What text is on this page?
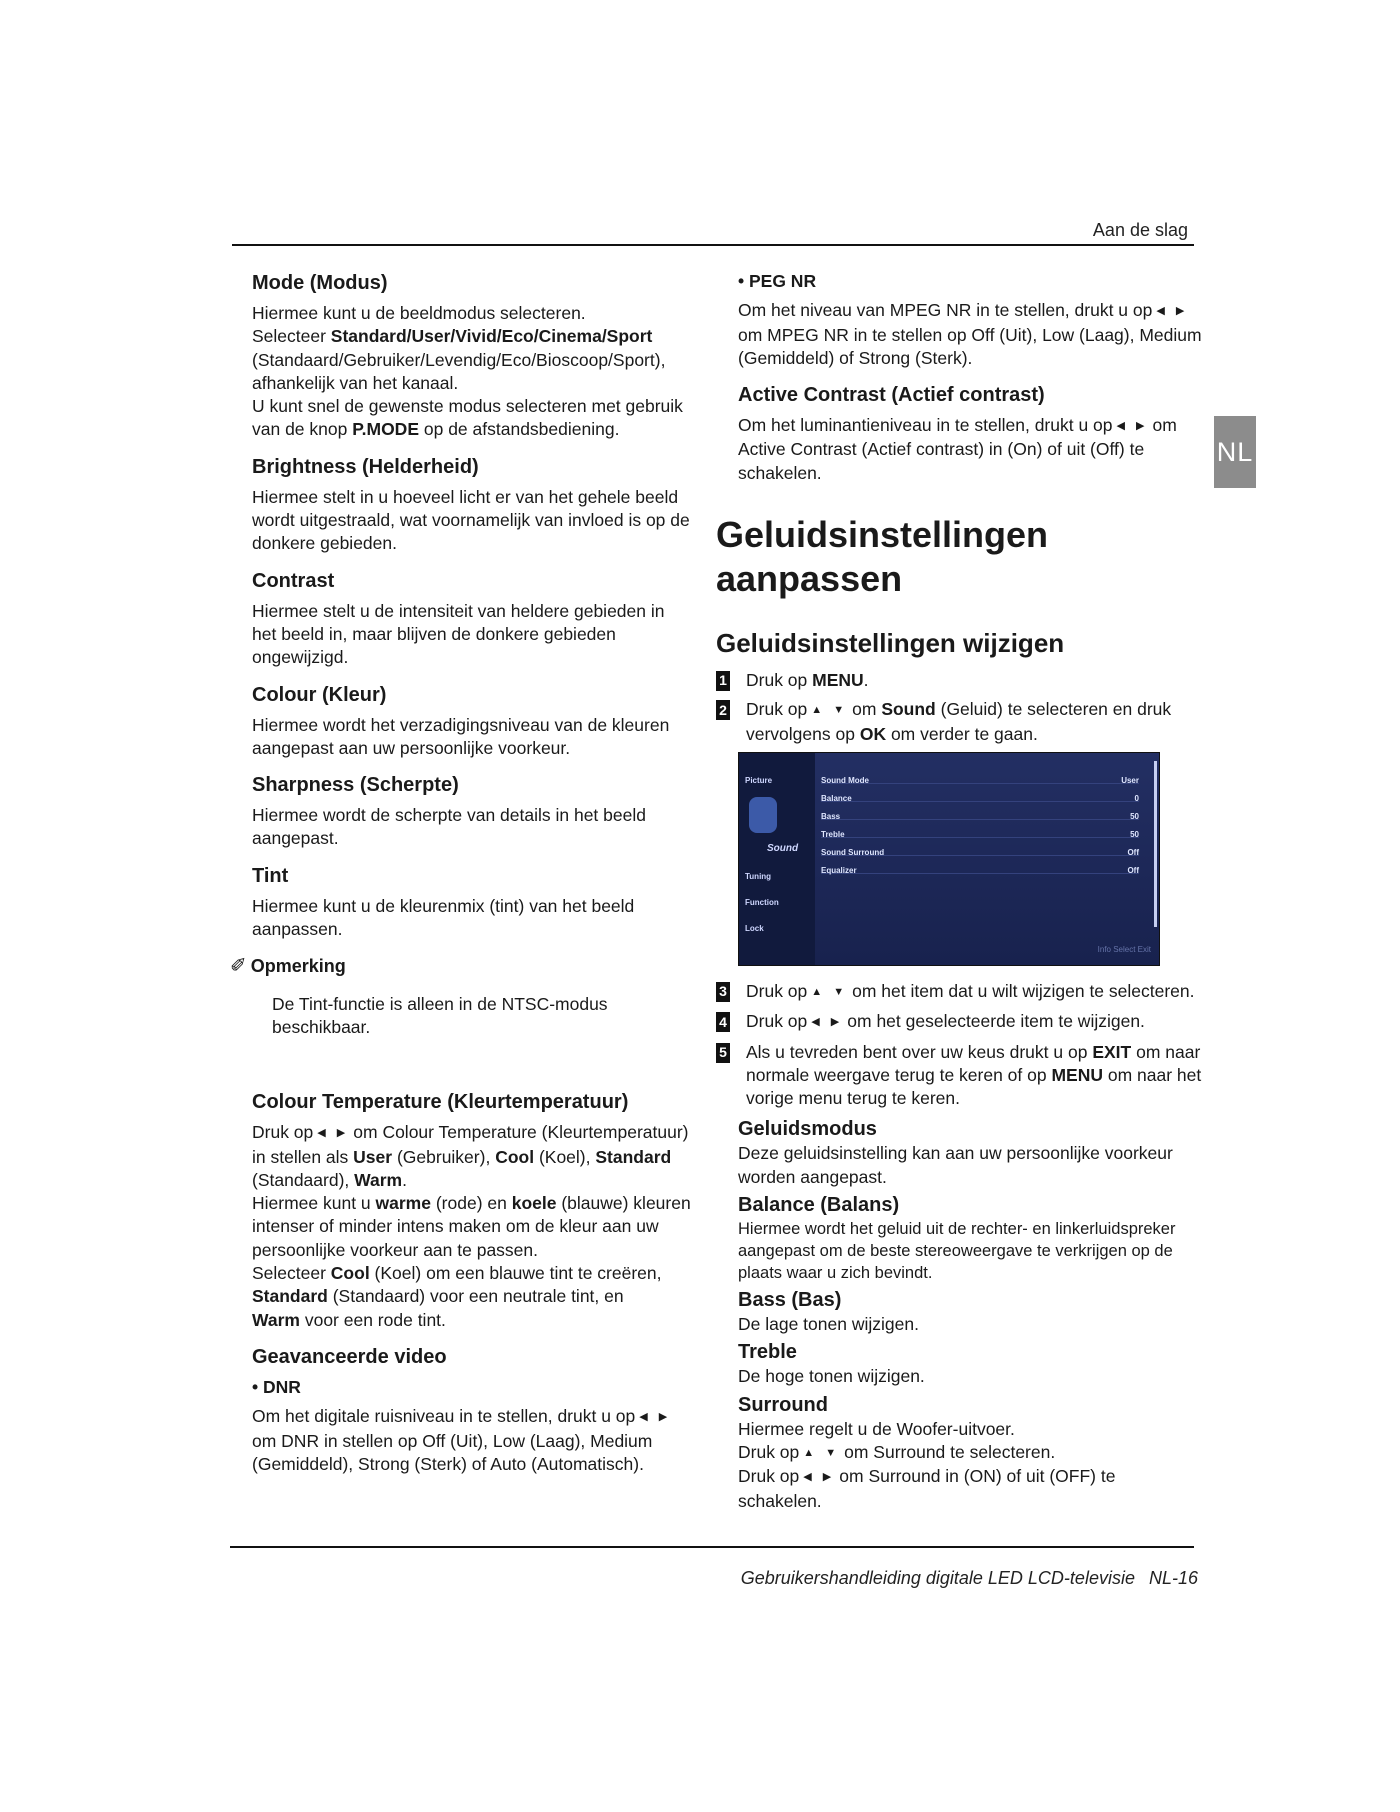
Aan de slag
NL
Mode (Modus)

Hiermee kunt u de beeldmodus selecteren.
Selecteer Standard/User/Vivid/Eco/Cinema/Sport
(Standaard/Gebruiker/Levendig/Eco/Bioscoop/Sport), afhankelijk van het kanaal.
U kunt snel de gewenste modus selecteren met gebruik van de knop P.MODE op de afstandsbediening.

Brightness (Helderheid)

Hiermee stelt in u hoeveel licht er van het gehele beeld wordt uitgestraald, wat voornamelijk van invloed is op de donkere gebieden.

Contrast

Hiermee stelt u de intensiteit van heldere gebieden in het beeld in, maar blijven de donkere gebieden ongewijzigd.

Colour (Kleur)

Hiermee wordt het verzadigingsniveau van de kleuren aangepast aan uw persoonlijke voorkeur.

Sharpness (Scherpte)

Hiermee wordt de scherpte van details in het beeld aangepast.

Tint

Hiermee kunt u de kleurenmix (tint) van het beeld aanpassen.

✐ Opmerking

De Tint-functie is alleen in de NTSC-modus beschikbaar.

Colour Temperature (Kleurtemperatuur)

Druk op ◀ ▶ om Colour Temperature (Kleurtemperatuur) in stellen als User (Gebruiker), Cool (Koel), Standard (Standaard), Warm.
Hiermee kunt u warme (rode) en koele (blauwe) kleuren intenser of minder intens maken om de kleur aan uw persoonlijke voorkeur aan te passen.
Selecteer Cool (Koel) om een blauwe tint te creëren,
Standard (Standaard) voor een neutrale tint, en
Warm voor een rode tint.

Geavanceerde video
• DNR

Om het digitale ruisniveau in te stellen, drukt u op ◀ ▶om DNR in stellen op Off (Uit), Low (Laag), Medium (Gemiddeld), Strong (Sterk) of Auto (Automatisch).

• PEG NR

Om het niveau van MPEG NR in te stellen, drukt u op ◀ ▶om MPEG NR in te stellen op Off (Uit), Low (Laag), Medium (Gemiddeld) of Strong (Sterk).

Active Contrast (Actief contrast)

Om het luminantieniveau in te stellen, drukt u op ◀ ▶ om Active Contrast (Actief contrast) in (On) of uit (Off) te schakelen.

Geluidsinstellingen aanpassen
Geluidsinstellingen wijzigen
1 Druk op MENU.
2 Druk op ▲ ▼ om Sound (Geluid) te selecteren en druk vervolgens op OK om verder te gaan.
Picture
Sound
Tuning
Function
Lock
Sound Mode	User
Balance	0
Bass	50
Treble	50
Sound Surround	Off
Equalizer	Off
Info Select Exit
3 Druk op ▲ ▼ om het item dat u wilt wijzigen te selecteren.
4 Druk op ◀ ▶ om het geselecteerde item te wijzigen.
5 Als u tevreden bent over uw keus drukt u op EXIT om naar normale weergave terug te keren of op MENU om naar het vorige menu terug te keren.
Geluidsmodus

Deze geluidsinstelling kan aan uw persoonlijke voorkeur worden aangepast.

Balance (Balans)

Hiermee wordt het geluid uit de rechter- en linkerluidspreker aangepast om de beste stereoweergave te verkrijgen op de plaats waar u zich bevindt.

Bass (Bas)

De lage tonen wijzigen.

Treble

De hoge tonen wijzigen.

Surround

Hiermee regelt u de Woofer-uitvoer.
Druk op ▲ ▼ om Surround te selecteren.
Druk op ◀ ▶ om Surround in (ON) of uit (OFF) te schakelen.

Gebruikershandleiding digitale LED LCD-televisie NL-16
